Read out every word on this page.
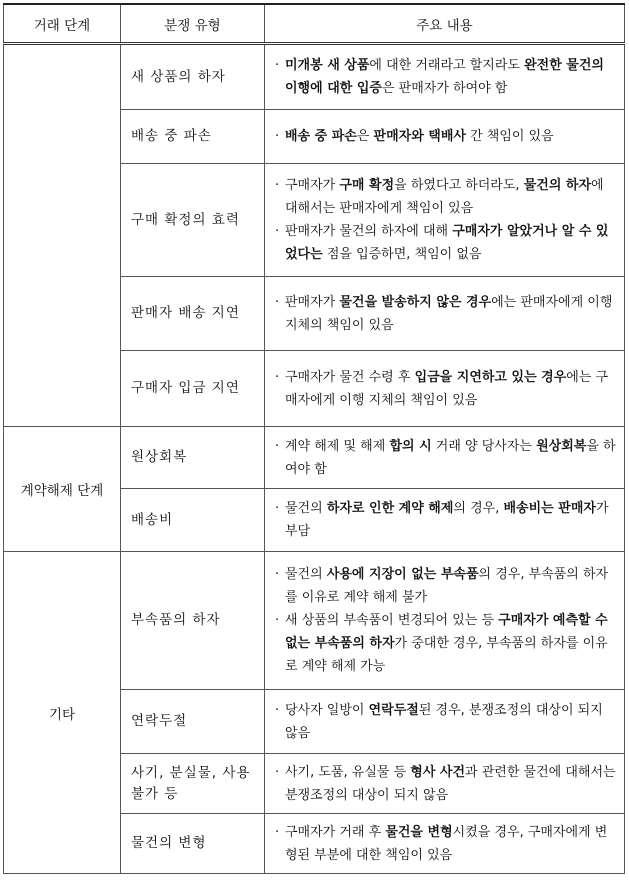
거래 단계	분쟁 유형	주요 내용
	새 상품의 하자	· 미개봉 새 상품에 대한 거래라고 할지라도 완전한 물건의 이행에 대한 입증은 판매자가 하여야 함

	배송 중 파손	· 배송 중 파손은 판매자와 택배사 간 책임이 있음

	구매 확정의 효력	· 구매자가 구매 확정을 하였다고 하더라도, 물건의 하자에 대해서는 판매자에게 책임이 있음
· 판매자가 물건의 하자에 대해 구매자가 알았거나 알 수 있었다는 점을 입증하면, 책임이 없음

	판매자 배송 지연	· 판매자가 물건을 발송하지 않은 경우에는 판매자에게 이행 지체의 책임이 있음

	구매자 입금 지연	· 구매자가 물건 수령 후 입금을 지연하고 있는 경우에는 구매자에게 이행 지체의 책임이 있음

계약해제 단계	원상회복	· 계약 해제 및 해제 합의 시 거래 양 당사자는 원상회복을 하여야 함

	배송비	· 물건의 하자로 인한 계약 해제의 경우, 배송비는 판매자가 부담

기타	부속품의 하자	· 물건의 사용에 지장이 없는 부속품의 경우, 부속품의 하자를 이유로 계약 해제 불가
· 새 상품의 부속품이 변경되어 있는 등 구매자가 예측할 수 없는 부속품의 하자가 중대한 경우, 부속품의 하자를 이유로 계약 해제 가능

	연락두절	· 당사자 일방이 연락두절된 경우, 분쟁조정의 대상이 되지 않음

	사기, 분실물, 사용불가 등	· 사기, 도품, 유실물 등 형사 사건과 관련한 물건에 대해서는 분쟁조정의 대상이 되지 않음

	물건의 변형	· 구매자가 거래 후 물건을 변형시켰을 경우, 구매자에게 변형된 부분에 대한 책임이 있음
